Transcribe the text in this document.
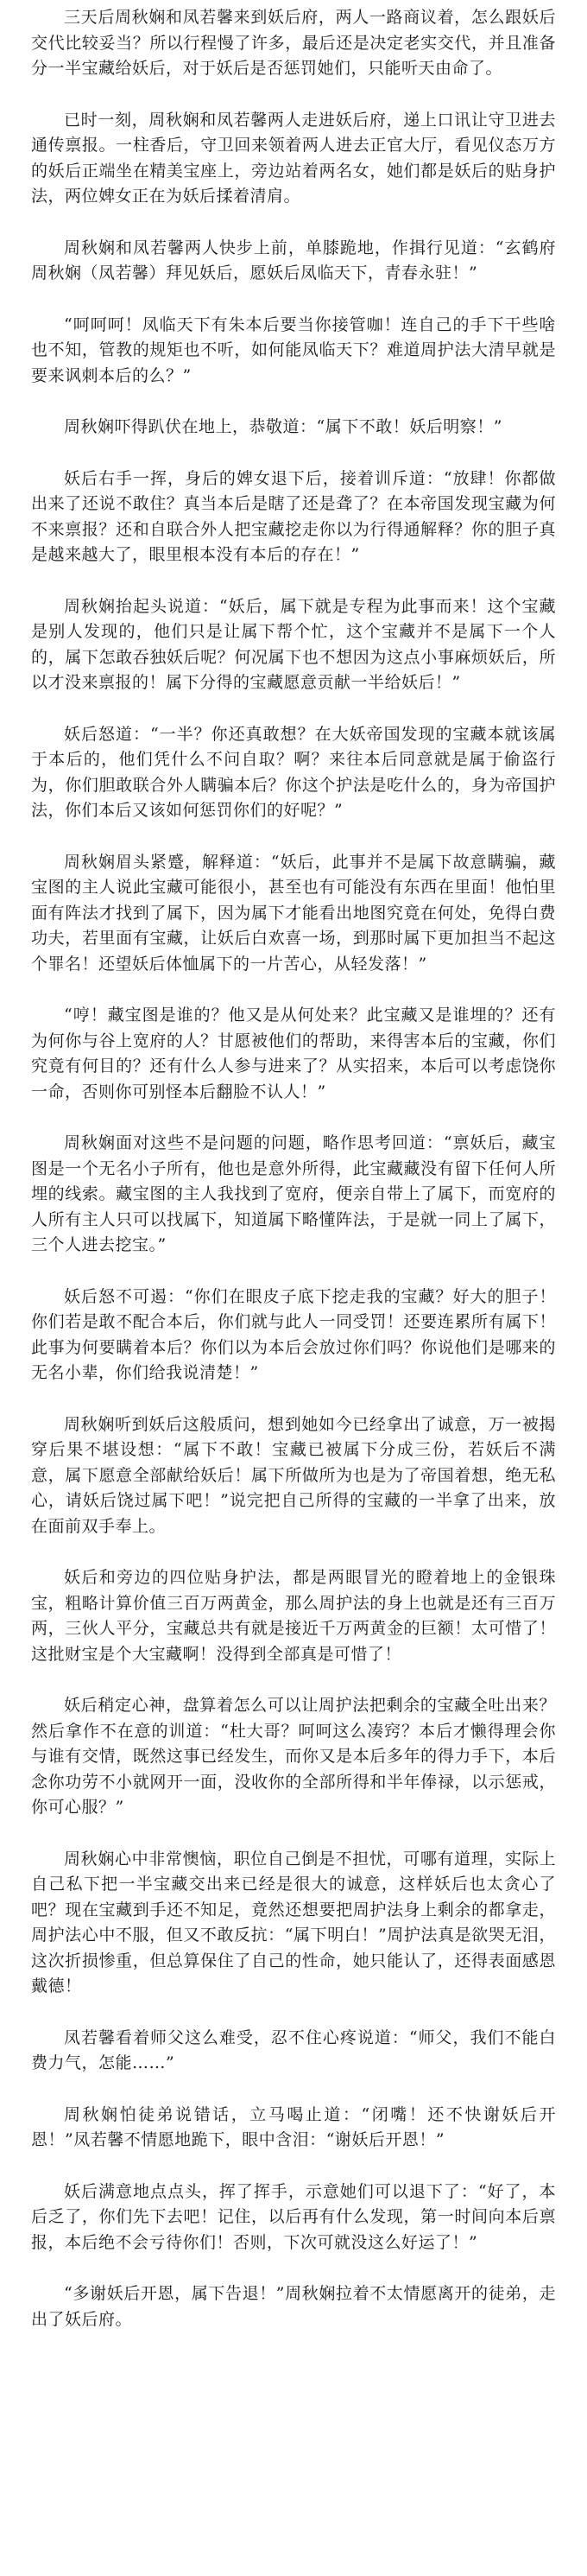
三天后周秋娴和凤若馨来到妖后府，两人一路商议着，怎么跟妖后交代比较妥当？所以行程慢了许多，最后还是决定老实交代，并且准备分一半宝藏给妖后，对于妖后是否惩罚她们，只能听天由命了。

已时一刻，周秋娴和凤若馨两人走进妖后府，递上口讯让守卫进去通传禀报。一柱香后，守卫回来领着两人进去正官大厅，看见仪态万方的妖后正端坐在精美宝座上，旁边站着两名女，她们都是妖后的贴身护法，两位婢女正在为妖后揉着清肩。

周秋娴和凤若馨两人快步上前，单膝跪地，作揖行见道：“玄鹤府周秋娴（凤若馨）拜见妖后，愿妖后凤临天下，青春永驻！”

“呵呵呵！凤临天下有朱本后要当你接管咖！连自己的手下干些啥也不知，管教的规矩也不听，如何能凤临天下？难道周护法大清早就是要来讽刺本后的么？”

周秋娴吓得趴伏在地上，恭敬道：“属下不敢！妖后明察！”

妖后右手一挥，身后的婢女退下后，接着训斥道：“放肆！你都做出来了还说不敢住？真当本后是瞎了还是聋了？在本帝国发现宝藏为何不来禀报？还和自联合外人把宝藏挖走你以为行得通解释？你的胆子真是越来越大了，眼里根本没有本后的存在！”

周秋娴抬起头说道：“妖后，属下就是专程为此事而来！这个宝藏是别人发现的，他们只是让属下帮个忙，这个宝藏并不是属下一个人的，属下怎敢吞独妖后呢？何况属下也不想因为这点小事麻烦妖后，所以才没来禀报的！属下分得的宝藏愿意贡献一半给妖后！”

妖后怒道：“一半？你还真敢想？在大妖帝国发现的宝藏本就该属于本后的，他们凭什么不问自取？啊？来往本后同意就是属于偷盗行为，你们胆敢联合外人瞒骗本后？你这个护法是吃什么的，身为帝国护法，你们本后又该如何惩罚你们的好呢？”

周秋娴眉头紧蹙，解释道：“妖后，此事并不是属下故意瞒骗，藏宝图的主人说此宝藏可能很小，甚至也有可能没有东西在里面！他怕里面有阵法才找到了属下，因为属下才能看出地图究竟在何处，免得白费功夫，若里面有宝藏，让妖后白欢喜一场，到那时属下更加担当不起这个罪名！还望妖后体恤属下的一片苦心，从轻发落！”

“哼！藏宝图是谁的？他又是从何处来？此宝藏又是谁埋的？还有为何你与谷上宽府的人？甘愿被他们的帮助，来得害本后的宝藏，你们究竟有何目的？还有什么人参与进来了？从实招来，本后可以考虑饶你一命，否则你可别怪本后翻脸不认人！”

周秋娴面对这些不是问题的问题，略作思考回道：“禀妖后，藏宝图是一个无名小子所有，他也是意外所得，此宝藏藏没有留下任何人所埋的线索。藏宝图的主人我找到了宽府，便亲自带上了属下，而宽府的人所有主人只可以找属下，知道属下略懂阵法，于是就一同上了属下，三个人进去挖宝。”

妖后怒不可遏：“你们在眼皮子底下挖走我的宝藏？好大的胆子！你们若是敢不配合本后，你们就与此人一同受罚！还要连累所有属下！此事为何要瞒着本后？你们以为本后会放过你们吗？你说他们是哪来的无名小辈，你们给我说清楚！”

周秋娴听到妖后这般质问，想到她如今已经拿出了诚意，万一被揭穿后果不堪设想：“属下不敢！宝藏已被属下分成三份，若妖后不满意，属下愿意全部献给妖后！属下所做所为也是为了帝国着想，绝无私心，请妖后饶过属下吧！”说完把自己所得的宝藏的一半拿了出来，放在面前双手奉上。

妖后和旁边的四位贴身护法，都是两眼冒光的瞪着地上的金银珠宝，粗略计算价值三百万两黄金，那么周护法的身上也就是还有三百万两，三伙人平分，宝藏总共有就是接近千万两黄金的巨额！太可惜了！这批财宝是个大宝藏啊！没得到全部真是可惜了！

妖后稍定心神，盘算着怎么可以让周护法把剩余的宝藏全吐出来？然后拿作不在意的训道：“杜大哥？呵呵这么凑窍？本后才懒得理会你与谁有交情，既然这事已经发生，而你又是本后多年的得力手下，本后念你功劳不小就网开一面，没收你的全部所得和半年俸禄，以示惩戒，你可心服？”

周秋娴心中非常懊恼，职位自己倒是不担忧，可哪有道理，实际上自己私下把一半宝藏交出来已经是很大的诚意，这样妖后也太贪心了吧？现在宝藏到手还不知足，竟然还想要把周护法身上剩余的都拿走，周护法心中不服，但又不敢反抗：“属下明白！”周护法真是欲哭无泪，这次折损惨重，但总算保住了自己的性命，她只能认了，还得表面感恩戴德！

凤若馨看着师父这么难受，忍不住心疼说道：“师父，我们不能白费力气，怎能……”

周秋娴怕徒弟说错话，立马喝止道：“闭嘴！还不快谢妖后开恩！”凤若馨不情愿地跪下，眼中含泪：“谢妖后开恩！”

妖后满意地点点头，挥了挥手，示意她们可以退下了：“好了，本后乏了，你们先下去吧！记住，以后再有什么发现，第一时间向本后禀报，本后绝不会亏待你们！否则，下次可就没这么好运了！”

“多谢妖后开恩，属下告退！”周秋娴拉着不太情愿离开的徒弟，走出了妖后府。
